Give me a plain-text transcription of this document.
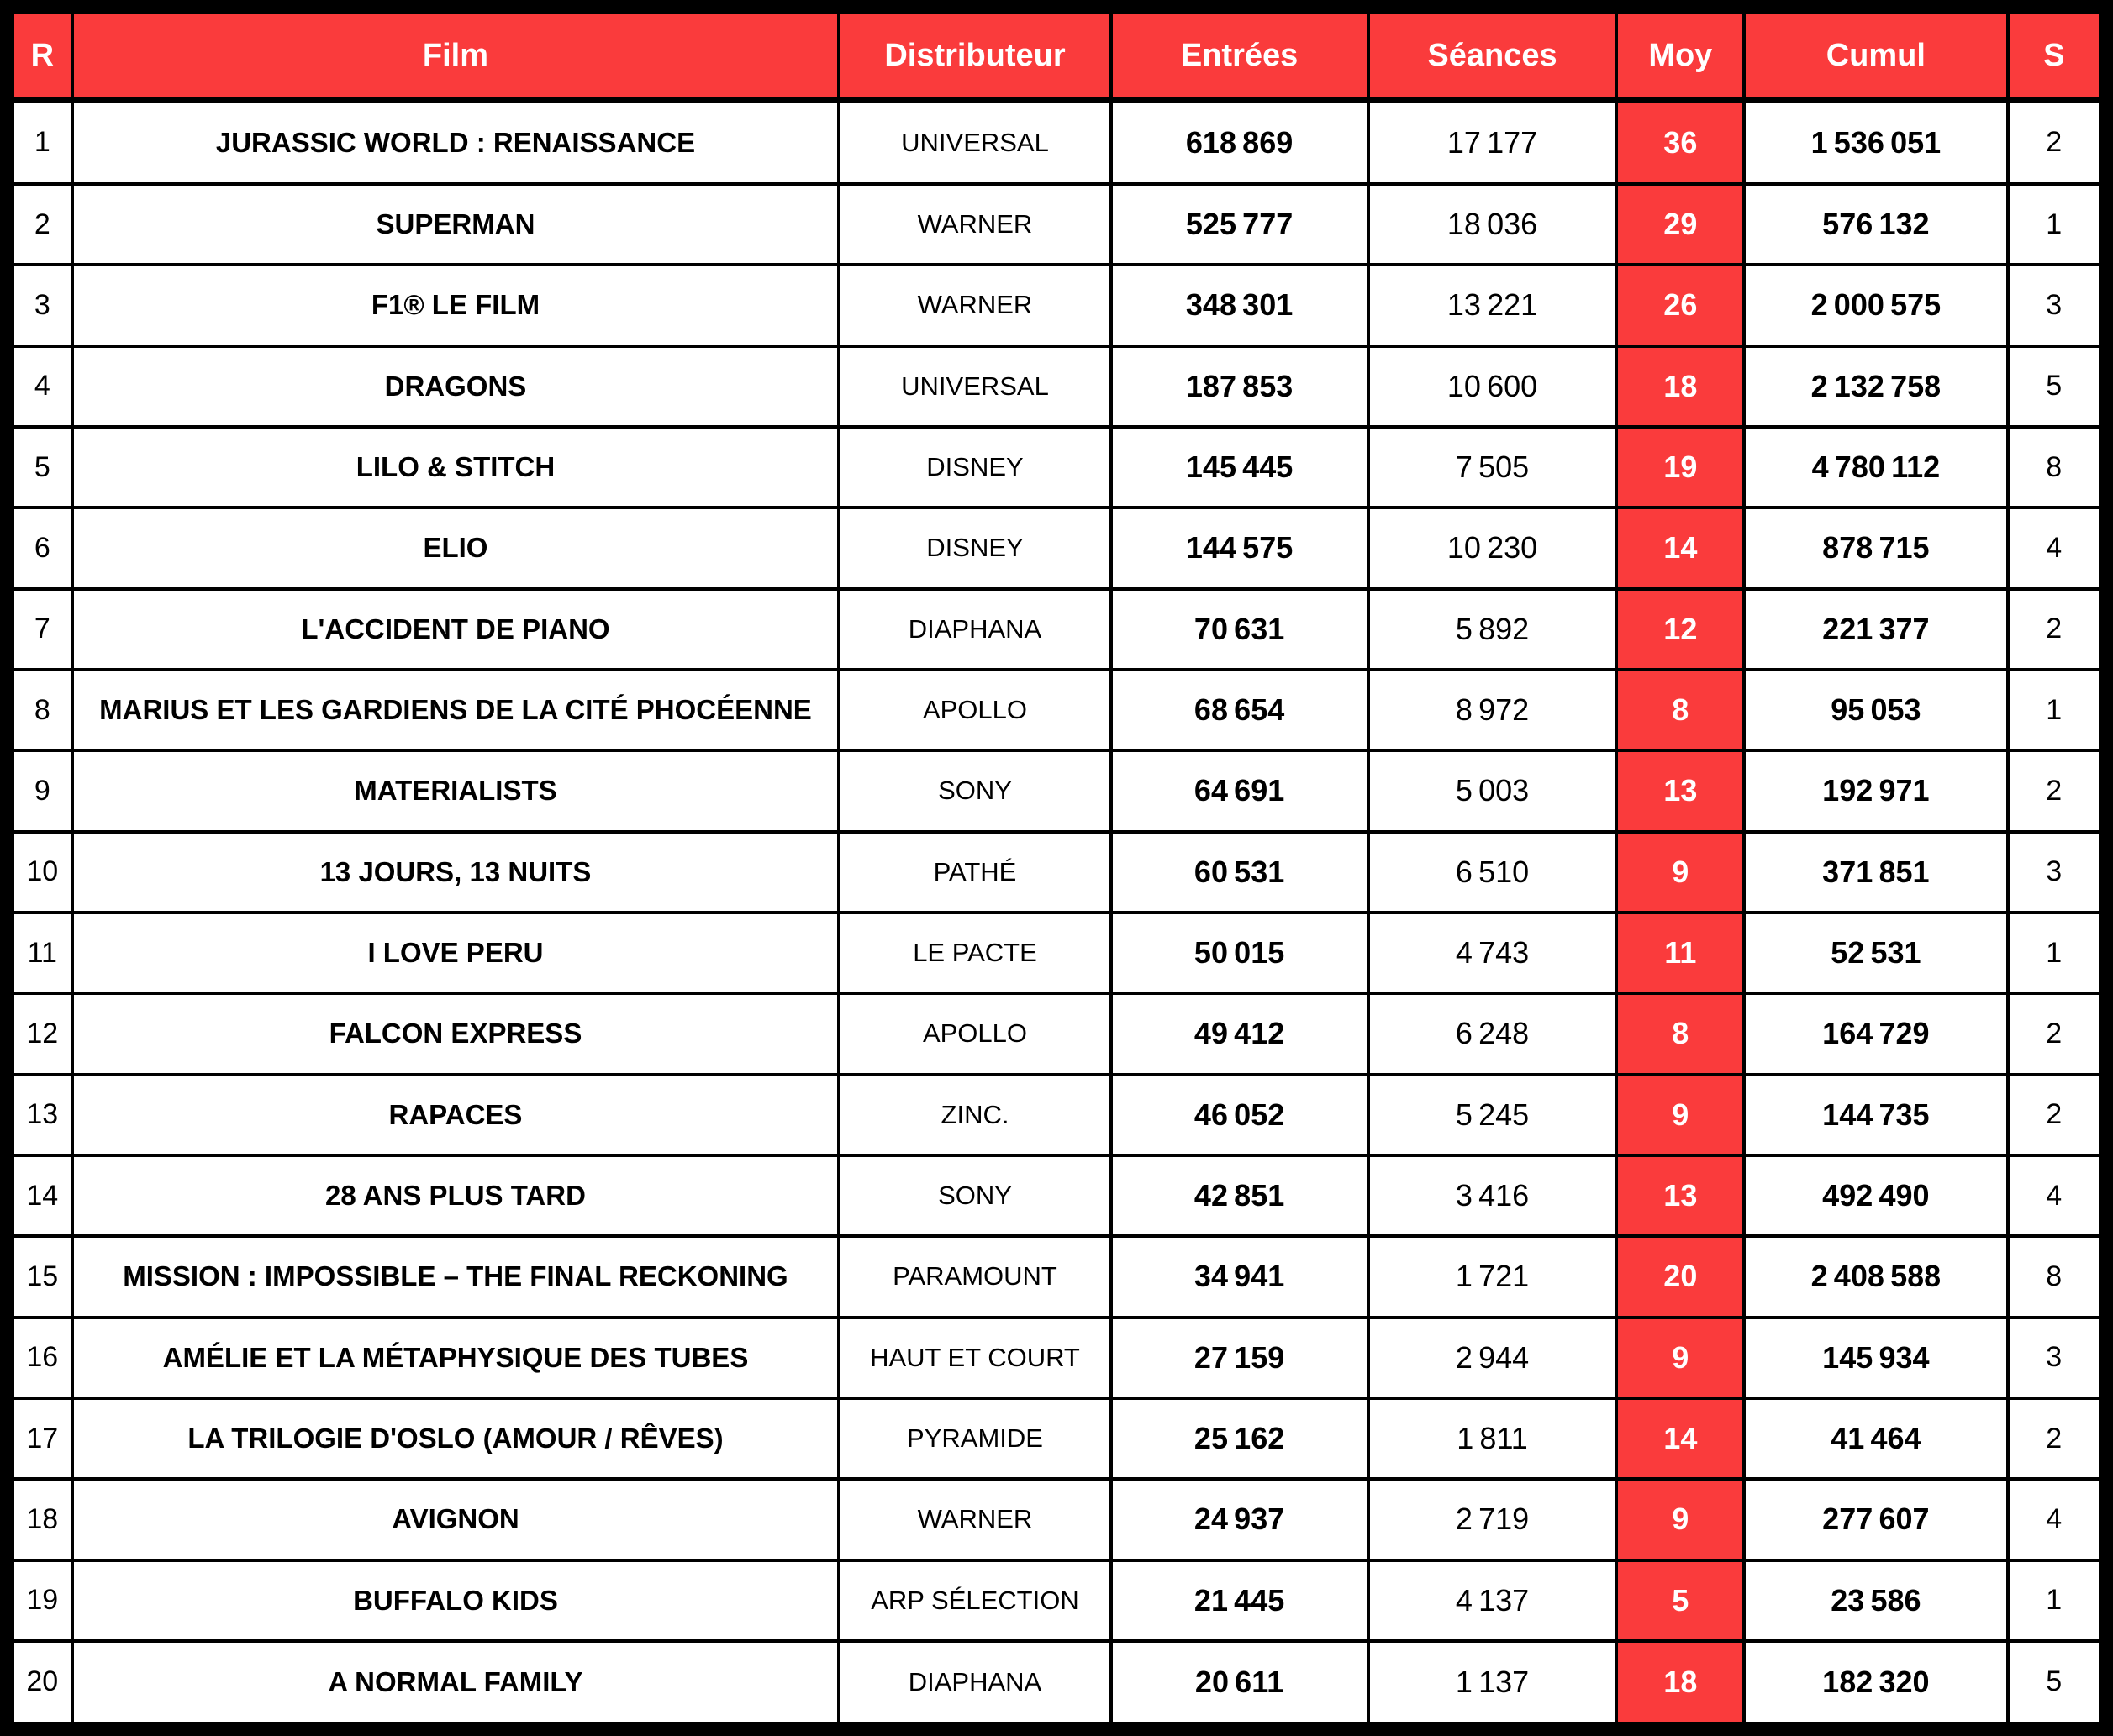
R	Film	Distributeur	Entrées	Séances	Moy	Cumul	S
1	JURASSIC WORLD : RENAISSANCE	UNIVERSAL	618 869	17 177	36	1 536 051	2
2	SUPERMAN	WARNER	525 777	18 036	29	576 132	1
3	F1® LE FILM	WARNER	348 301	13 221	26	2 000 575	3
4	DRAGONS	UNIVERSAL	187 853	10 600	18	2 132 758	5
5	LILO & STITCH	DISNEY	145 445	7 505	19	4 780 112	8
6	ELIO	DISNEY	144 575	10 230	14	878 715	4
7	L'ACCIDENT DE PIANO	DIAPHANA	70 631	5 892	12	221 377	2
8	MARIUS ET LES GARDIENS DE LA CITÉ PHOCÉENNE	APOLLO	68 654	8 972	8	95 053	1
9	MATERIALISTS	SONY	64 691	5 003	13	192 971	2
10	13 JOURS, 13 NUITS	PATHÉ	60 531	6 510	9	371 851	3
11	I LOVE PERU	LE PACTE	50 015	4 743	11	52 531	1
12	FALCON EXPRESS	APOLLO	49 412	6 248	8	164 729	2
13	RAPACES	ZINC.	46 052	5 245	9	144 735	2
14	28 ANS PLUS TARD	SONY	42 851	3 416	13	492 490	4
15	MISSION : IMPOSSIBLE – THE FINAL RECKONING	PARAMOUNT	34 941	1 721	20	2 408 588	8
16	AMÉLIE ET LA MÉTAPHYSIQUE DES TUBES	HAUT ET COURT	27 159	2 944	9	145 934	3
17	LA TRILOGIE D'OSLO (AMOUR / RÊVES)	PYRAMIDE	25 162	1 811	14	41 464	2
18	AVIGNON	WARNER	24 937	2 719	9	277 607	4
19	BUFFALO KIDS	ARP SÉLECTION	21 445	4 137	5	23 586	1
20	A NORMAL FAMILY	DIAPHANA	20 611	1 137	18	182 320	5
